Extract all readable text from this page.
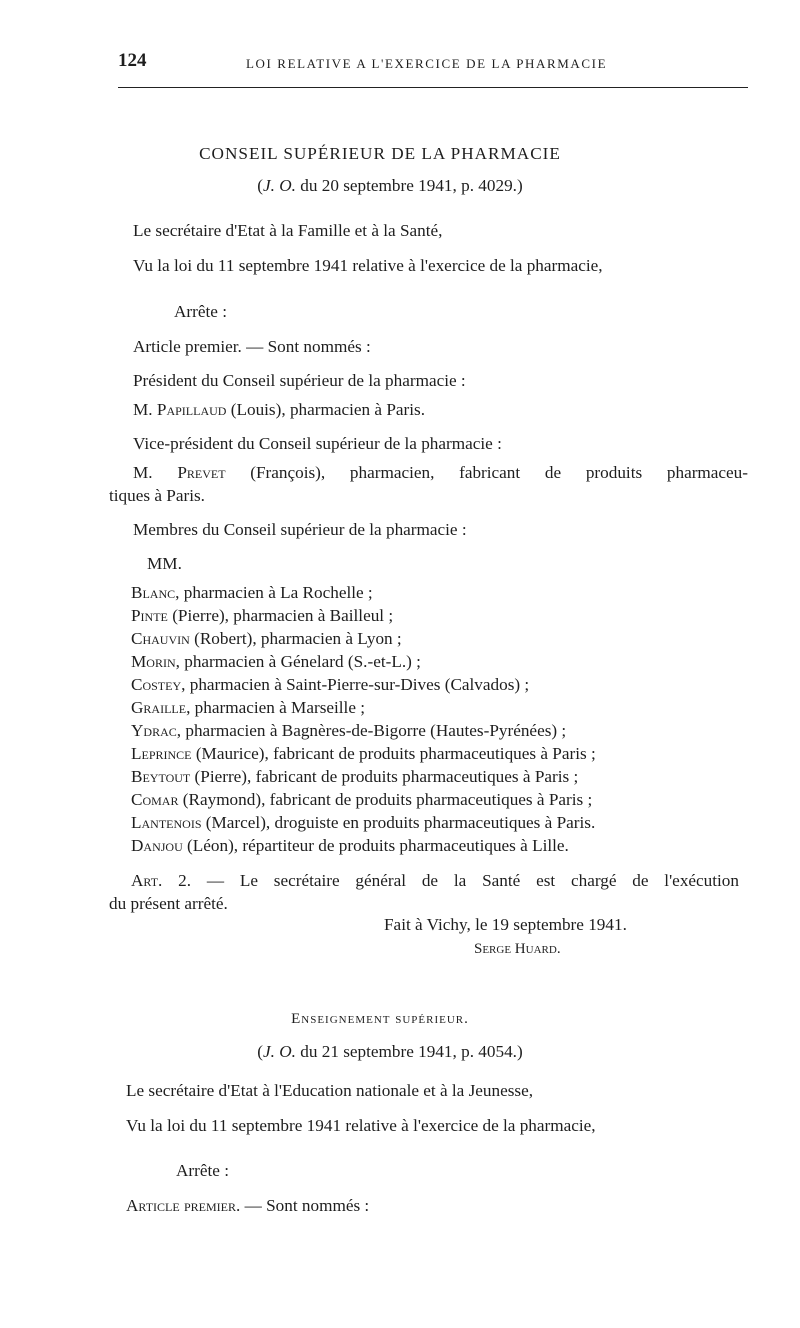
124	LOI RELATIVE A L'EXERCICE DE LA PHARMACIE
CONSEIL SUPÉRIEUR DE LA PHARMACIE
(J. O. du 20 septembre 1941, p. 4029.)
Le secrétaire d'Etat à la Famille et à la Santé,
Vu la loi du 11 septembre 1941 relative à l'exercice de la pharmacie,
Arrête :
Article premier. — Sont nommés :
Président du Conseil supérieur de la pharmacie :
M. Papillaud (Louis), pharmacien à Paris.
Vice-président du Conseil supérieur de la pharmacie :
M. Prevet (François), pharmacien, fabricant de produits pharmaceu-
tiques à Paris.
Membres du Conseil supérieur de la pharmacie :
MM.
Blanc, pharmacien à La Rochelle ;
Pinte (Pierre), pharmacien à Bailleul ;
Chauvin (Robert), pharmacien à Lyon ;
Morin, pharmacien à Génelard (S.-et-L.) ;
Costey, pharmacien à Saint-Pierre-sur-Dives (Calvados) ;
Graille, pharmacien à Marseille ;
Ydrac, pharmacien à Bagnères-de-Bigorre (Hautes-Pyrénées) ;
Leprince (Maurice), fabricant de produits pharmaceutiques à Paris ;
Beytout (Pierre), fabricant de produits pharmaceutiques à Paris ;
Comar (Raymond), fabricant de produits pharmaceutiques à Paris ;
Lantenois (Marcel), droguiste en produits pharmaceutiques à Paris.
Danjou (Léon), répartiteur de produits pharmaceutiques à Lille.
Art. 2. — Le secrétaire général de la Santé est chargé de l'exécution
du présent arrêté.
Fait à Vichy, le 19 septembre 1941.
Serge Huard.
Enseignement supérieur.
(J. O. du 21 septembre 1941, p. 4054.)
Le secrétaire d'Etat à l'Education nationale et à la Jeunesse,
Vu la loi du 11 septembre 1941 relative à l'exercice de la pharmacie,
Arrête :
Article premier. — Sont nommés :
